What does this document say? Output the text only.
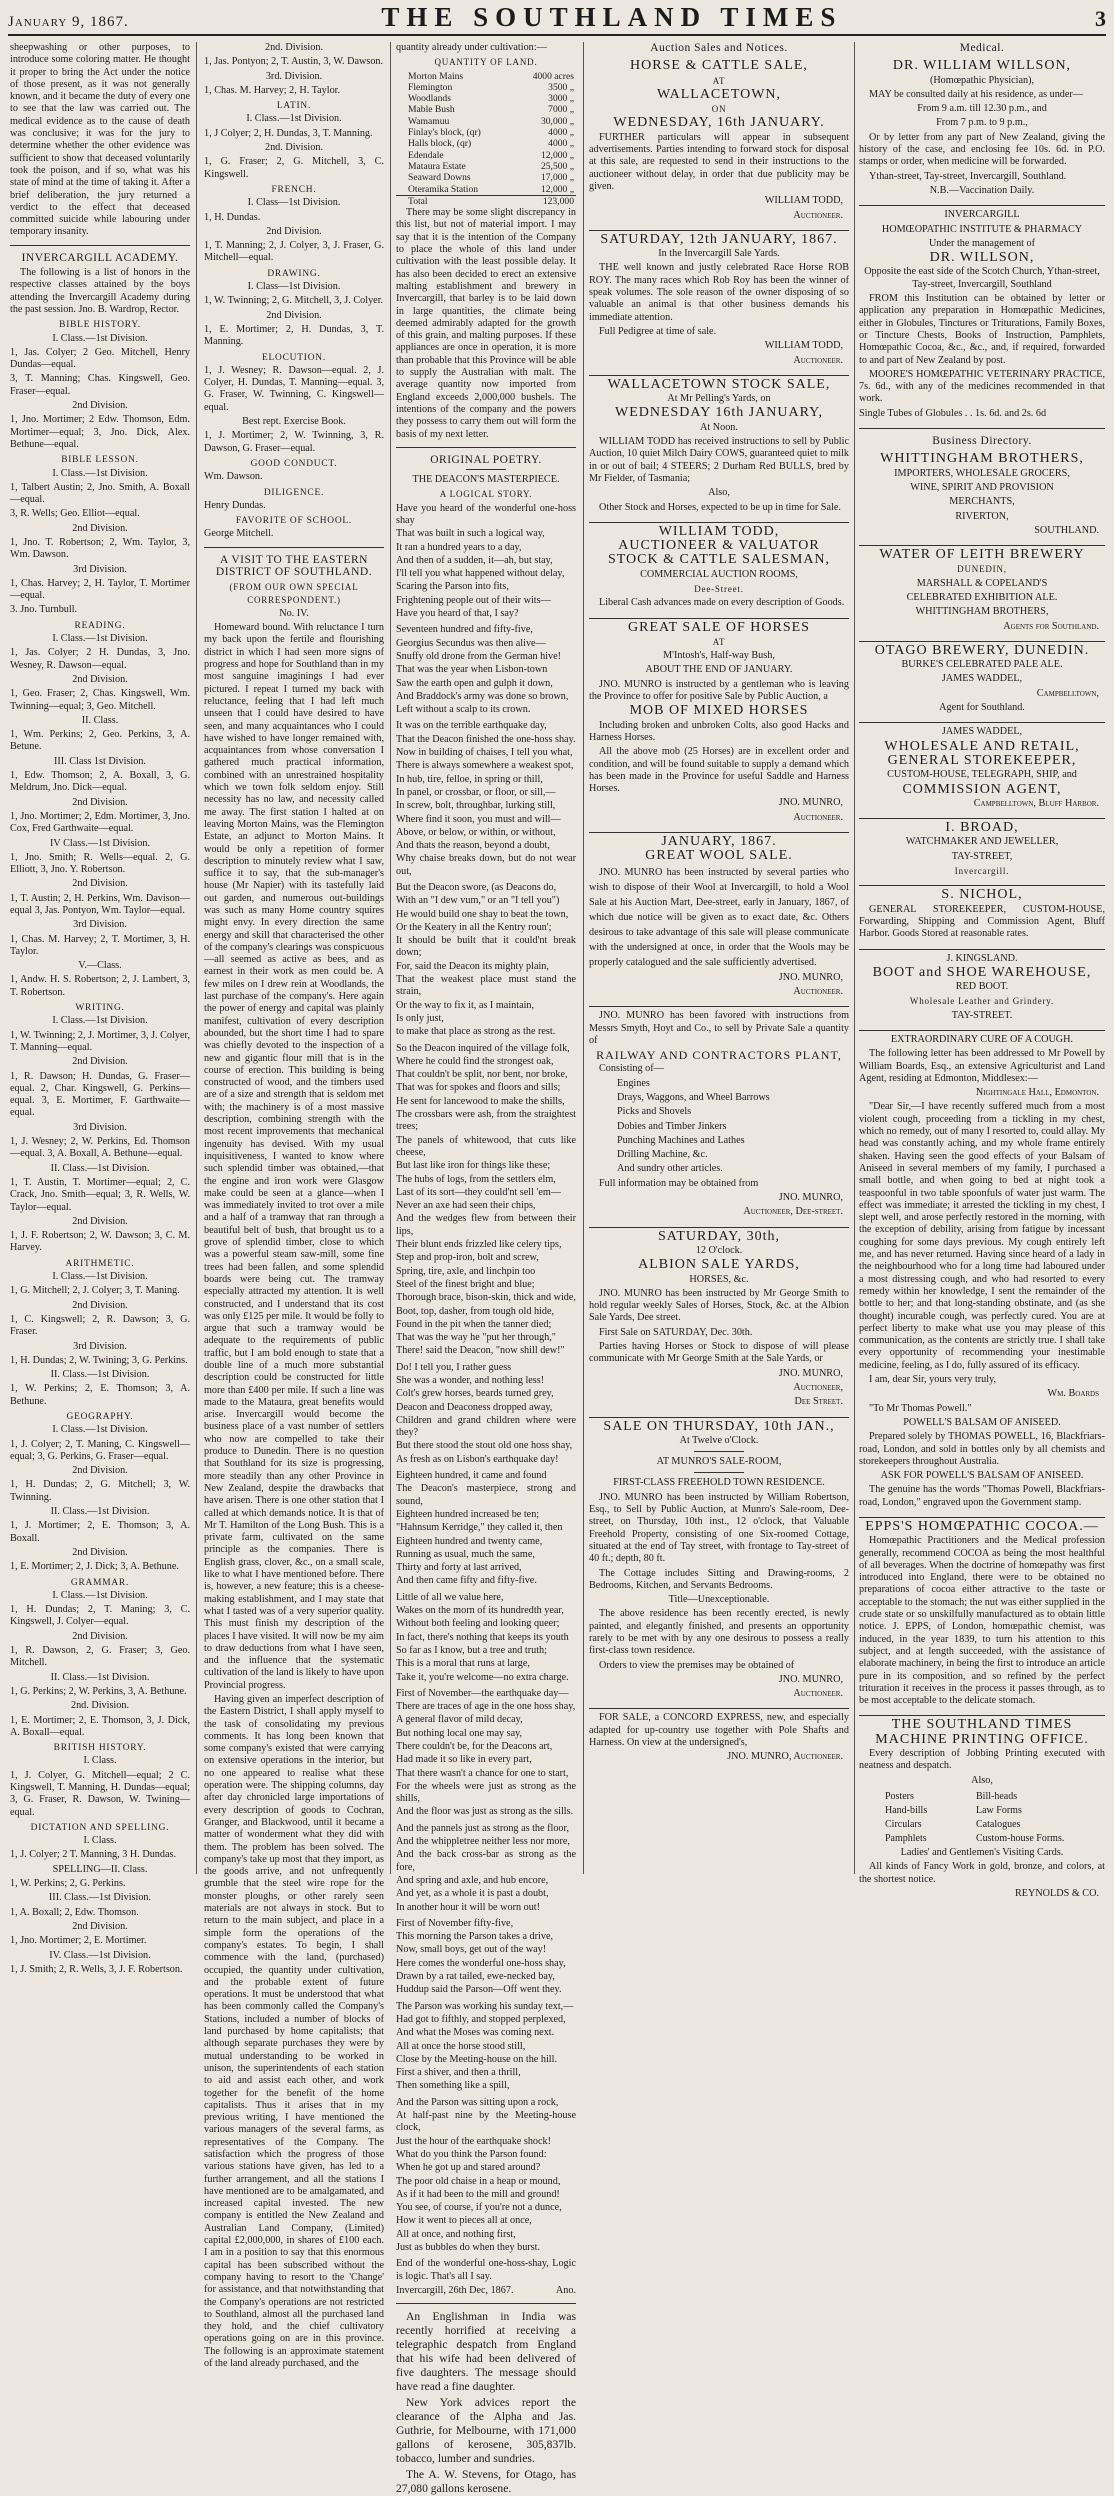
January 9, 1867.	THE SOUTHLAND TIMES	3

sheepwashing or other purposes, to introduce some coloring matter. He thought it proper to bring the Act under the notice of those present, as it was not generally known, and it became the duty of every one to see that the law was carried out. The medical evidence as to the cause of death was conclusive; it was for the jury to determine whether the other evidence was sufficient to show that deceased voluntarily took the poison, and if so, what was his state of mind at the time of taking it. After a brief deliberation, the jury returned a verdict to the effect that deceased committed suicide while labouring under temporary insanity.

INVERCARGILL ACADEMY.

The following is a list of honors in the respective classes attained by the boys attending the Invercargill Academy during the past session. Jno. B. Wardrop, Rector.

BIBLE HISTORY.

I. Class.—1st Division.

1, Jas. Colyer; 2 Geo. Mitchell, Henry Dundas—equal.

3, T. Manning; Chas. Kingswell, Geo. Fraser—equal.

2nd Division.

1, Jno. Mortimer; 2 Edw. Thomson, Edm. Mortimer—equal; 3, Jno. Dick, Alex. Bethune—equal.

BIBLE LESSON.

I. Class.—1st Division.

1, Talbert Austin; 2, Jno. Smith, A. Boxall—equal.

3, R. Wells; Geo. Elliot—equal.

2nd Division.

1, Jno. T. Robertson; 2, Wm. Taylor, 3, Wm. Dawson.

3rd Division.

1, Chas. Harvey; 2, H. Taylor, T. Mortimer—equal.

3. Jno. Turnbull.

READING.

I. Class.—1st Division.

1, Jas. Colyer; 2 H. Dundas, 3, Jno. Wesney, R. Dawson—equal.

2nd Division.

1, Geo. Fraser; 2, Chas. Kingswell, Wm. Twinning—equal; 3, Geo. Mitchell.

II. Class.

1, Wm. Perkins; 2, Geo. Perkins, 3, A. Betune.

III. Class 1st Division.

1, Edw. Thomson; 2, A. Boxall, 3, G. Meldrum, Jno. Dick—equal.

2nd Division.

1, Jno. Mortimer; 2, Edm. Mortimer, 3, Jno. Cox, Fred Garthwaite—equal.

IV Class.—1st Division.

1, Jno. Smith; R. Wells—equal. 2, G. Elliott, 3, Jno. Y. Robertson.

2nd Division.

1, T. Austin; 2, H. Perkins, Wm. Davison—equal 3, Jas. Pontyon, Wm. Taylor—equal.

3rd Division.

1, Chas. M. Harvey; 2, T. Mortimer, 3, H. Taylor.

V.—Class.

1, Andw. H. S. Robertson; 2, J. Lambert, 3, T. Robertson.

WRITING.

I. Class.—1st Division.

1, W. Twinning; 2, J. Mortimer, 3, J. Colyer, T. Manning—equal.

2nd Division.

1, R. Dawson; H. Dundas, G. Fraser—equal. 2, Char. Kingswell, G. Perkins—equal. 3, E. Mortimer, F. Garthwaite—equal.

3rd Division.

1, J. Wesney; 2, W. Perkins, Ed. Thomson—equal. 3, A. Boxall, A. Bethune—equal.

II. Class.—1st Division.

1, T. Austin, T. Mortimer—equal; 2, C. Crack, Jno. Smith—equal; 3, R. Wells, W. Taylor—equal.

2nd Division.

1, J. F. Robertson; 2, W. Dawson; 3, C. M. Harvey.

ARITHMETIC.

I. Class.—1st Division.

1, G. Mitchell; 2, J. Colyer; 3, T. Maning.

2nd Division.

1, C. Kingswell; 2, R. Dawson; 3, G. Fraser.

3rd Division.

1, H. Dundas; 2, W. Twining; 3, G. Perkins.

II. Class.—1st Division.

1, W. Perkins; 2, E. Thomson; 3, A. Bethune.

GEOGRAPHY.

I. Class.—1st Division.

1, J. Colyer; 2, T. Maning, C. Kingswell—equal; 3, G. Perkins, G. Fraser—equal.

2nd Division.

1, H. Dundas; 2, G. Mitchell; 3, W. Twinning.

II. Class.—1st Division.

1, J. Mortimer; 2, E. Thomson; 3, A. Boxall.

2nd Division.

1, E. Mortimer; 2, J. Dick; 3, A. Bethune.

GRAMMAR.

I. Class.—1st Division.

1, H. Dundas; 2, T. Maning; 3, C. Kingswell, J. Colyer—equal.

2nd Division.

1, R. Dawson, 2, G. Fraser; 3, Geo. Mitchell.

II. Class.—1st Division.

1, G. Perkins; 2, W. Perkins, 3, A. Bethune.

2nd. Division.

1, E. Mortimer; 2, E. Thomson, 3, J. Dick, A. Boxall—equal.

BRITISH HISTORY.

I. Class.

1, J. Colyer, G. Mitchell—equal; 2 C. Kingswell, T. Manning, H. Dundas—equal; 3, G. Fraser, R. Dawson, W. Twining—equal.

DICTATION AND SPELLING.

I. Class.

1, J. Colyer; 2 T. Manning, 3 H. Dundas.

SPELLING—II. Class.

1, W. Perkins; 2, G. Perkins.

III. Class.—1st Division.

1, A. Boxall; 2, Edw. Thomson.

2nd Division.

1, Jno. Mortimer; 2, E. Mortimer.

IV. Class.—1st Division.

1, J. Smith; 2, R. Wells, 3, J. F. Robertson.

2nd. Division.

1, Jas. Pontyon; 2, T. Austin, 3, W. Dawson.

3rd. Division.

1, Chas. M. Harvey; 2, H. Taylor.

LATIN.

I. Class.—1st Division.

1, J Colyer; 2, H. Dundas, 3, T. Manning.

2nd. Division.

1, G. Fraser; 2, G. Mitchell, 3, C. Kingswell.

FRENCH.

I. Class—1st Division.

1, H. Dundas.

2nd Division.

1, T. Manning; 2, J. Colyer, 3, J. Fraser, G. Mitchell—equal.

DRAWING.

I. Class—1st Division.

1, W. Twinning; 2, G. Mitchell, 3, J. Colyer.

2nd Division.

1, E. Mortimer; 2, H. Dundas, 3, T. Manning.

ELOCUTION.

1, J. Wesney; R. Dawson—equal. 2, J. Colyer, H. Dundas, T. Manning—equal. 3, G. Fraser, W. Twinning, C. Kingswell—equal.

Best rept. Exercise Book.

1, J. Mortimer; 2, W. Twinning, 3, R. Dawson, G. Fraser—equal.

GOOD CONDUCT.

Wm. Dawson.

DILIGENCE.

Henry Dundas.

FAVORITE OF SCHOOL.

George Mitchell.

A VISIT TO THE EASTERN DISTRICT OF SOUTHLAND.

(FROM OUR OWN SPECIAL CORRESPONDENT.)

No. IV.

Homeward bound. With reluctance I turn my back upon the fertile and flourishing district in which I had seen more signs of progress and hope for Southland than in my most sanguine imaginings I had ever pictured. I repeat I turned my back with reluctance, feeling that I had left much unseen that I could have desired to have seen, and many acquaintances who I could have wished to have longer remained with, acquaintances from whose conversation I gathered much practical information, combined with an unrestrained hospitality which we town folk seldom enjoy. Still necessity has no law, and necessity called me away. The first station I halted at on leaving Morton Mains, was the Flemington Estate, an adjunct to Morton Mains. It would be only a repetition of former description to minutely review what I saw, suffice it to say, that the sub-manager's house (Mr Napier) with its tastefully laid out garden, and numerous out-buildings was such as many Home country squires might envy. In every direction the same energy and skill that characterised the other of the company's clearings was conspicuous—all seemed as active as bees, and as earnest in their work as men could be. A few miles on I drew rein at Woodlands, the last purchase of the company's. Here again the power of energy and capital was plainly manifest, cultivation of every description abounded, but the short time I had to spare was chiefly devoted to the inspection of a new and gigantic flour mill that is in the course of erection. This building is being constructed of wood, and the timbers used are of a size and strength that is seldom met with; the machinery is of a most massive description, combining strength with the most recent improvements that mechanical ingenuity has devised. With my usual inquisitiveness, I wanted to know where such splendid timber was obtained,—that the engine and iron work were Glasgow make could be seen at a glance—when I was immediately invited to trot over a mile and a half of a tramway that ran through a beautiful belt of bush, that brought us to a grove of splendid timber, close to which was a powerful steam saw-mill, some fine trees had been fallen, and some splendid boards were being cut. The tramway especially attracted my attention. It is well constructed, and I understand that its cost was only £125 per mile. It would be folly to argue that such a tramway would be adequate to the requirements of public traffic, but I am bold enough to state that a double line of a much more substantial description could be constructed for little more than £400 per mile. If such a line was made to the Mataura, great benefits would arise. Invercargill would become the business place of a vast number of settlers who now are compelled to take their produce to Dunedin. There is no question that Southland for its size is progressing, more steadily than any other Province in New Zealand, despite the drawbacks that have arisen. There is one other station that I called at which demands notice. It is that of Mr T. Hamilton of the Long Bush. This is a private farm, cultivated on the same principle as the companies. There is English grass, clover, &c., on a small scale, like to what I have mentioned before. There is, however, a new feature; this is a cheese-making establishment, and I may state that what I tasted was of a very superior quality. This must finish my description of the places I have visited. It will now be my aim to draw deductions from what I have seen, and the influence that the systematic cultivation of the land is likely to have upon Provincial progress.

Having given an imperfect description of the Eastern District, I shall apply myself to the task of consolidating my previous comments. It has long been known that some company's existed that were carrying on extensive operations in the interior, but no one appeared to realise what these operation were. The shipping columns, day after day chronicled large importations of every description of goods to Cochran, Granger, and Blackwood, until it became a matter of wonderment what they did with them. The problem has been solved. The company's take up most that they import, as the goods arrive, and not unfrequently grumble that the steel wire rope for the monster ploughs, or other rarely seen materials are not always in stock. But to return to the main subject, and place in a simple form the operations of the company's estates. To begin, I shall commence with the land, (purchased) occupied, the quantity under cultivation, and the probable extent of future operations. It must be understood that what has been commonly called the Company's Stations, included a number of blocks of land purchased by home capitalists; that although separate purchases they were by mutual understanding to be worked in unison, the superintendents of each station to aid and assist each other, and work together for the benefit of the home capitalists. Thus it arises that in my previous writing, I have mentioned the various managers of the several farms, as representatives of the Company. The satisfaction which the progress of those various stations have given, has led to a further arrangement, and all the stations I have mentioned are to be amalgamated, and increased capital invested. The new company is entitled the New Zealand and Australian Land Company, (Limited) capital £2,000,000, in shares of £100 each. I am in a position to say that this enormous capital has been subscribed without the company having to resort to the 'Change' for assistance, and that notwithstanding that the Company's operations are not restricted to Southland, almost all the purchased land they hold, and the chief cultivatory operations going on are in this province. The following is an approximate statement of the land already purchased, and the

quantity already under cultivation:—

QUANTITY OF LAND.

Morton Mains	4000 acres
Flemington	3500 „
Woodlands	3000 „
Mable Bush	7000 „
Wamamuu	30,000 „
Finlay's block, (qr)	4000 „
Halls block, (qr)	4000 „
Edendale	12,000 „
Mataura Estate	25,500 „
Seaward Downs	17,000 „
Oteramika Station	12,000 „
Total	123,000

There may be some slight discrepancy in this list, but not of material import. I may say that it is the intention of the Company to place the whole of this land under cultivation with the least possible delay. It has also been decided to erect an extensive malting establishment and brewery in Invercargill, that barley is to be laid down in large quantities, the climate being deemed admirably adapted for the growth of this grain, and malting purposes. If these appliances are once in operation, it is more than probable that this Province will be able to supply the Australian with malt. The average quantity now imported from England exceeds 2,000,000 bushels. The intentions of the company and the powers they possess to carry them out will form the basis of my next letter.

ORIGINAL POETRY.

THE DEACON'S MASTERPIECE.

A LOGICAL STORY.

Have you heard of the wonderful one-hoss shay

That was built in such a logical way,

It ran a hundred years to a day,

And then of a sudden, it—ah, but stay,

I'll tell you what happened without delay,

Scaring the Parson into fits,

Frightening people out of their wits—

Have you heard of that, I say?

Seventeen hundred and fifty-five,

Georgius Secundus was then alive—

Snuffy old drone from the German hive!

That was the year when Lisbon-town

Saw the earth open and gulph it down,

And Braddock's army was done so brown,

Left without a scalp to its crown.

It was on the terrible earthquake day,

That the Deacon finished the one-hoss shay.

Now in building of chaises, I tell you what,

There is always somewhere a weakest spot,

In hub, tire, felloe, in spring or thill,

In panel, or crossbar, or floor, or sill,—

In screw, bolt, throughbar, lurking still,

Where find it soon, you must and will—

Above, or below, or within, or without,

And thats the reason, beyond a doubt,

Why chaise breaks down, but do not wear out,

But the Deacon swore, (as Deacons do,

With an "I dew vum," or an "I tell you")

He would build one shay to beat the town,

Or the Keatery in all the Kentry roun';

It should be built that it could'nt break down;

For, said the Deacon its mighty plain,

That the weakest place must stand the strain,

Or the way to fix it, as I maintain,

Is only just,

to make that place as strong as the rest.

So the Deacon inquired of the village folk,

Where he could find the strongest oak,

That couldn't be split, nor bent, nor broke,

That was for spokes and floors and sills;

He sent for lancewood to make the shills,

The crossbars were ash, from the straightest trees;

The panels of whitewood, that cuts like cheese,

But last like iron for things like these;

The hubs of logs, from the settlers elm,

Last of its sort—they could'nt sell 'em—

Never an axe had seen their chips,

And the wedges flew from between their lips,

Their blunt ends frizzled like celery tips,

Step and prop-iron, bolt and screw,

Spring, tire, axle, and linchpin too

Steel of the finest bright and blue;

Thorough brace, bison-skin, thick and wide,

Boot, top, dasher, from tough old hide,

Found in the pit when the tanner died;

That was the way he "put her through,"

There! said the Deacon, "now shill dew!"

Do! I tell you, I rather guess

She was a wonder, and nothing less!

Colt's grew horses, beards turned grey,

Deacon and Deaconess dropped away,

Children and grand children where were they?

But there stood the stout old one hoss shay,

As fresh as on Lisbon's earthquake day!

Eighteen hundred, it came and found

The Deacon's masterpiece, strong and sound,

Eighteen hundred increased be ten;

"Hahnsum Kerridge," they called it, then

Eighteen hundred and twenty came,

Running as usual, much the same,

Thirty and forty at last arrived,

And then came fifty and fifty-five.

Little of all we value here,

Wakes on the morn of its hundredth year,

Without both feeling and looking queer;

In fact, there's nothing that keeps its youth

So far as I know, but a tree and truth;

This is a moral that runs at large,

Take it, you're welcome—no extra charge.

First of November—the earthquake day—

There are traces of age in the one hoss shay,

A general flavor of mild decay,

But nothing local one may say,

There couldn't be, for the Deacons art,

Had made it so like in every part,

That there wasn't a chance for one to start,

For the wheels were just as strong as the shills,

And the floor was just as strong as the sills.

And the pannels just as strong as the floor,

And the whippletree neither less nor more,

And the back cross-bar as strong as the fore,

And spring and axle, and hub encore,

And yet, as a whole it is past a doubt,

In another hour it will be worn out!

First of November fifty-five,

This morning the Parson takes a drive,

Now, small boys, get out of the way!

Here comes the wonderful one-hoss shay,

Drawn by a rat tailed, ewe-necked bay,

Huddup said the Parson—Off went they.

The Parson was working his sunday text,—

Had got to fifthly, and stopped perplexed,

And what the Moses was coming next.

All at once the horse stood still,

Close by the Meeting-house on the hill.

First a shiver, and then a thrill,

Then something like a spill,

And the Parson was sitting upon a rock,

At half-past nine by the Meeting-house clock,

Just the hour of the earthquake shock!

What do you think the Parson found:

When he got up and stared around?

The poor old chaise in a heap or mound,

As if it had been to the mill and ground!

You see, of course, if you're not a dunce,

How it went to pieces all at once,

All at once, and nothing first,

Just as bubbles do when they burst.

End of the wonderful one-hoss-shay, Logic is logic. That's all I say.

Invercargill, 26th Dec, 1867.	Ano.

An Englishman in India was recently horrified at receiving a telegraphic despatch from England that his wife had been delivered of five daughters. The message should have read a fine daughter.

New York advices report the clearance of the Alpha and Jas. Guthrie, for Melbourne, with 171,000 gallons of kerosene, 305,837lb. tobacco, lumber and sundries.

The A. W. Stevens, for Otago, has 27,080 gallons kerosene.

Auction Sales and Notices.

HORSE & CATTLE SALE,

AT

WALLACETOWN,

ON

WEDNESDAY, 16th JANUARY.

FURTHER particulars will appear in subsequent advertisements. Parties intending to forward stock for disposal at this sale, are requested to send in their instructions to the auctioneer without delay, in order that due publicity may be given.

WILLIAM TODD,

Auctioneer.

SATURDAY, 12th JANUARY, 1867.

In the Invercargill Sale Yards.

THE well known and justly celebrated Race Horse ROB ROY. The many races which Rob Roy has been the winner of speak volumes. The sole reason of the owner disposing of so valuable an animal is that other business demands his immediate attention.

Full Pedigree at time of sale.

WILLIAM TODD,

Auctioneer.

WALLACETOWN STOCK SALE,

At Mr Pelling's Yards, on

WEDNESDAY 16th JANUARY,

At Noon.

WILLIAM TODD has received instructions to sell by Public Auction, 10 quiet Milch Dairy COWS, guaranteed quiet to milk in or out of bail; 4 STEERS; 2 Durham Red BULLS, bred by Mr Fielder, of Tasmania;

Also,

Other Stock and Horses, expected to be up in time for Sale.

WILLIAM TODD,

AUCTIONEER & VALUATOR

STOCK & CATTLE SALESMAN,

COMMERCIAL AUCTION ROOMS,

Dee-Street.

Liberal Cash advances made on every description of Goods.

GREAT SALE OF HORSES

AT

M'Intosh's, Half-way Bush,

ABOUT THE END OF JANUARY.

JNO. MUNRO is instructed by a gentleman who is leaving the Province to offer for positive Sale by Public Auction, a

MOB OF MIXED HORSES

Including broken and unbroken Colts, also good Hacks and Harness Horses.

All the above mob (25 Horses) are in excellent order and condition, and will be found suitable to supply a demand which has been made in the Province for useful Saddle and Harness Horses.

JNO. MUNRO,

Auctioneer.

JANUARY, 1867.

GREAT WOOL SALE.

JNO. MUNRO has been instructed by several parties who wish to dispose of their Wool at Invercargill, to hold a Wool Sale at his Auction Mart, Dee-street, early in January, 1867, of which due notice will be given as to exact date, &c. Others desirous to take advantage of this sale will please communicate with the undersigned at once, in order that the Wools may be properly catalogued and the sale sufficiently advertised.

JNO. MUNRO,

Auctioneer.

JNO. MUNRO has been favored with instructions from Messrs Smyth, Hoyt and Co., to sell by Private Sale a quantity of

RAILWAY AND CONTRACTORS PLANT,

Consisting of—

Engines

Drays, Waggons, and Wheel Barrows

Picks and Shovels

Dobies and Timber Jinkers

Punching Machines and Lathes

Drilling Machine, &c.

And sundry other articles.

Full information may be obtained from

JNO. MUNRO,

Auctioneer, Dee-street.

SATURDAY, 30th,

12 O'clock.

ALBION SALE YARDS,

HORSES, &c.

JNO. MUNRO has been instructed by Mr George Smith to hold regular weekly Sales of Horses, Stock, &c. at the Albion Sale Yards, Dee street.

First Sale on SATURDAY, Dec. 30th.

Parties having Horses or Stock to dispose of will please communicate with Mr George Smith at the Sale Yards, or

JNO. MUNRO,

Auctioneer,

Dee Street.

SALE ON THURSDAY, 10th JAN.,

At Twelve o'Clock.

AT MUNRO'S SALE-ROOM,

FIRST-CLASS FREEHOLD TOWN RESIDENCE.

JNO. MUNRO has been instructed by William Robertson, Esq., to Sell by Public Auction, at Munro's Sale-room, Dee-street, on Thursday, 10th inst., 12 o'clock, that Valuable Freehold Property, consisting of one Six-roomed Cottage, situated at the end of Tay street, with frontage to Tay-street of 40 ft.; depth, 80 ft.

The Cottage includes Sitting and Drawing-rooms, 2 Bedrooms, Kitchen, and Servants Bedrooms.

Title—Unexceptionable.

The above residence has been recently erected, is newly painted, and elegantly finished, and presents an opportunity rarely to be met with by any one desirous to possess a really first-class town residence.

Orders to view the premises may be obtained of

JNO. MUNRO,

Auctioneer.

FOR SALE, a CONCORD EXPRESS, new, and especially adapted for up-country use together with Pole Shafts and Harness. On view at the undersigned's,

JNO. MUNRO, Auctioneer.

Medical.

DR. WILLIAM WILLSON,

(Homœpathic Physician),

MAY be consulted daily at his residence, as under—

From 9 a.m. till 12.30 p.m., and

From 7 p.m. to 9 p.m.,

Or by letter from any part of New Zealand, giving the history of the case, and enclosing fee 10s. 6d. in P.O. stamps or order, when medicine will be forwarded.

Ythan-street, Tay-street, Invercargill, Southland.

N.B.—Vaccination Daily.

INVERCARGILL

HOMŒOPATHIC INSTITUTE & PHARMACY

Under the management of

DR. WILLSON,

Opposite the east side of the Scotch Church, Ythan-street, Tay-street, Invercargill, Southland

FROM this Institution can be obtained by letter or application any preparation in Homœpathic Medicines, either in Globules, Tinctures or Triturations, Family Boxes, or Tincture Chests, Books of Instruction, Pamphlets, Homœpathic Cocoa, &c., &c., and, if required, forwarded to and part of New Zealand by post.

MOORE'S HOMŒPATHIC VETERINARY PRACTICE, 7s. 6d., with any of the medicines recommended in that work.

Single Tubes of Globules . . 1s. 6d. and 2s. 6d

Business Directory.

WHITTINGHAM BROTHERS,

IMPORTERS, WHOLESALE GROCERS,

WINE, SPIRIT AND PROVISION

MERCHANTS,

RIVERTON,

SOUTHLAND.

WATER OF LEITH BREWERY

DUNEDIN,

MARSHALL & COPELAND'S

CELEBRATED EXHIBITION ALE.

WHITTINGHAM BROTHERS,

Agents for Southland.

OTAGO BREWERY, DUNEDIN.

BURKE'S CELEBRATED PALE ALE.

JAMES WADDEL,

Campbelltown,

Agent for Southland.

JAMES WADDEL,

WHOLESALE AND RETAIL,

GENERAL STOREKEEPER,

CUSTOM-HOUSE, TELEGRAPH, SHIP, and

COMMISSION AGENT,

Campbelltown, Bluff Harbor.

I. BROAD,

WATCHMAKER AND JEWELLER,

TAY-STREET,

Invercargill.

S. NICHOL,

GENERAL STOREKEEPER, CUSTOM-HOUSE, Forwarding, Shipping and Commission Agent, Bluff Harbor. Goods Stored at reasonable rates.

J. KINGSLAND.

BOOT and SHOE WAREHOUSE,

RED BOOT.

Wholesale Leather and Grindery.

TAY-STREET.

EXTRAORDINARY CURE OF A COUGH.

The following letter has been addressed to Mr Powell by William Boards, Esq., an extensive Agriculturist and Land Agent, residing at Edmonton, Middlesex:—

Nightingale Hall, Edmonton.

"Dear Sir,—I have recently suffered much from a most violent cough, proceeding from a tickling in my chest, which no remedy, out of many I resorted to, could allay. My head was constantly aching, and my whole frame entirely shaken. Having seen the good effects of your Balsam of Aniseed in several members of my family, I purchased a small bottle, and when going to bed at night took a teaspoonful in two table spoonfuls of water just warm. The effect was immediate; it arrested the tickling in my chest, I slept well, and arose perfectly restored in the morning, with the exception of debility, arising from fatigue by incessant coughing for some days previous. My cough entirely left me, and has never returned. Having since heard of a lady in the neighbourhood who for a long time had laboured under a most distressing cough, and who had resorted to every remedy within her knowledge, I sent the remainder of the bottle to her; and that long-standing obstinate, and (as she thought) incurable cough, was perfectly cured. You are at perfect liberty to make what use you may please of this communication, as the contents are strictly true. I shall take every opportunity of recommending your inestimable medicine, feeling, as I do, fully assured of its efficacy.

I am, dear Sir, yours very truly,

Wm. Boards

"To Mr Thomas Powell."

POWELL'S BALSAM OF ANISEED.

Prepared solely by THOMAS POWELL, 16, Blackfriars-road, London, and sold in bottles only by all chemists and storekeepers throughout Australia.

ASK FOR POWELL'S BALSAM OF ANISEED.

The genuine has the words "Thomas Powell, Blackfriars-road, London," engraved upon the Government stamp.

EPPS'S HOMŒPATHIC COCOA.—

Homœpathic Practitioners and the Medical profession generally, recommend COCOA as being the most healthful of all beverages. When the doctrine of homœpathy was first introduced into England, there were to be obtained no preparations of cocoa either attractive to the taste or acceptable to the stomach; the nut was either supplied in the crude state or so unskilfully manufactured as to obtain little notice. J. EPPS, of London, homœpathic chemist, was induced, in the year 1839, to turn his attention to this subject, and at length succeeded, with the assistance of elaborate machinery, in being the first to introduce an article pure in its composition, and so refined by the perfect trituration it receives in the process it passes through, as to be most acceptable to the delicate stomach.

THE SOUTHLAND TIMES

MACHINE PRINTING OFFICE.

Every description of Jobbing Printing executed with neatness and despatch.

Also,

Posters	Bill-heads
Hand-bills	Law Forms
Circulars	Catalogues
Pamphlets	Custom-house Forms.

Ladies' and Gentlemen's Visiting Cards.

All kinds of Fancy Work in gold, bronze, and colors, at the shortest notice.

REYNOLDS & CO.
